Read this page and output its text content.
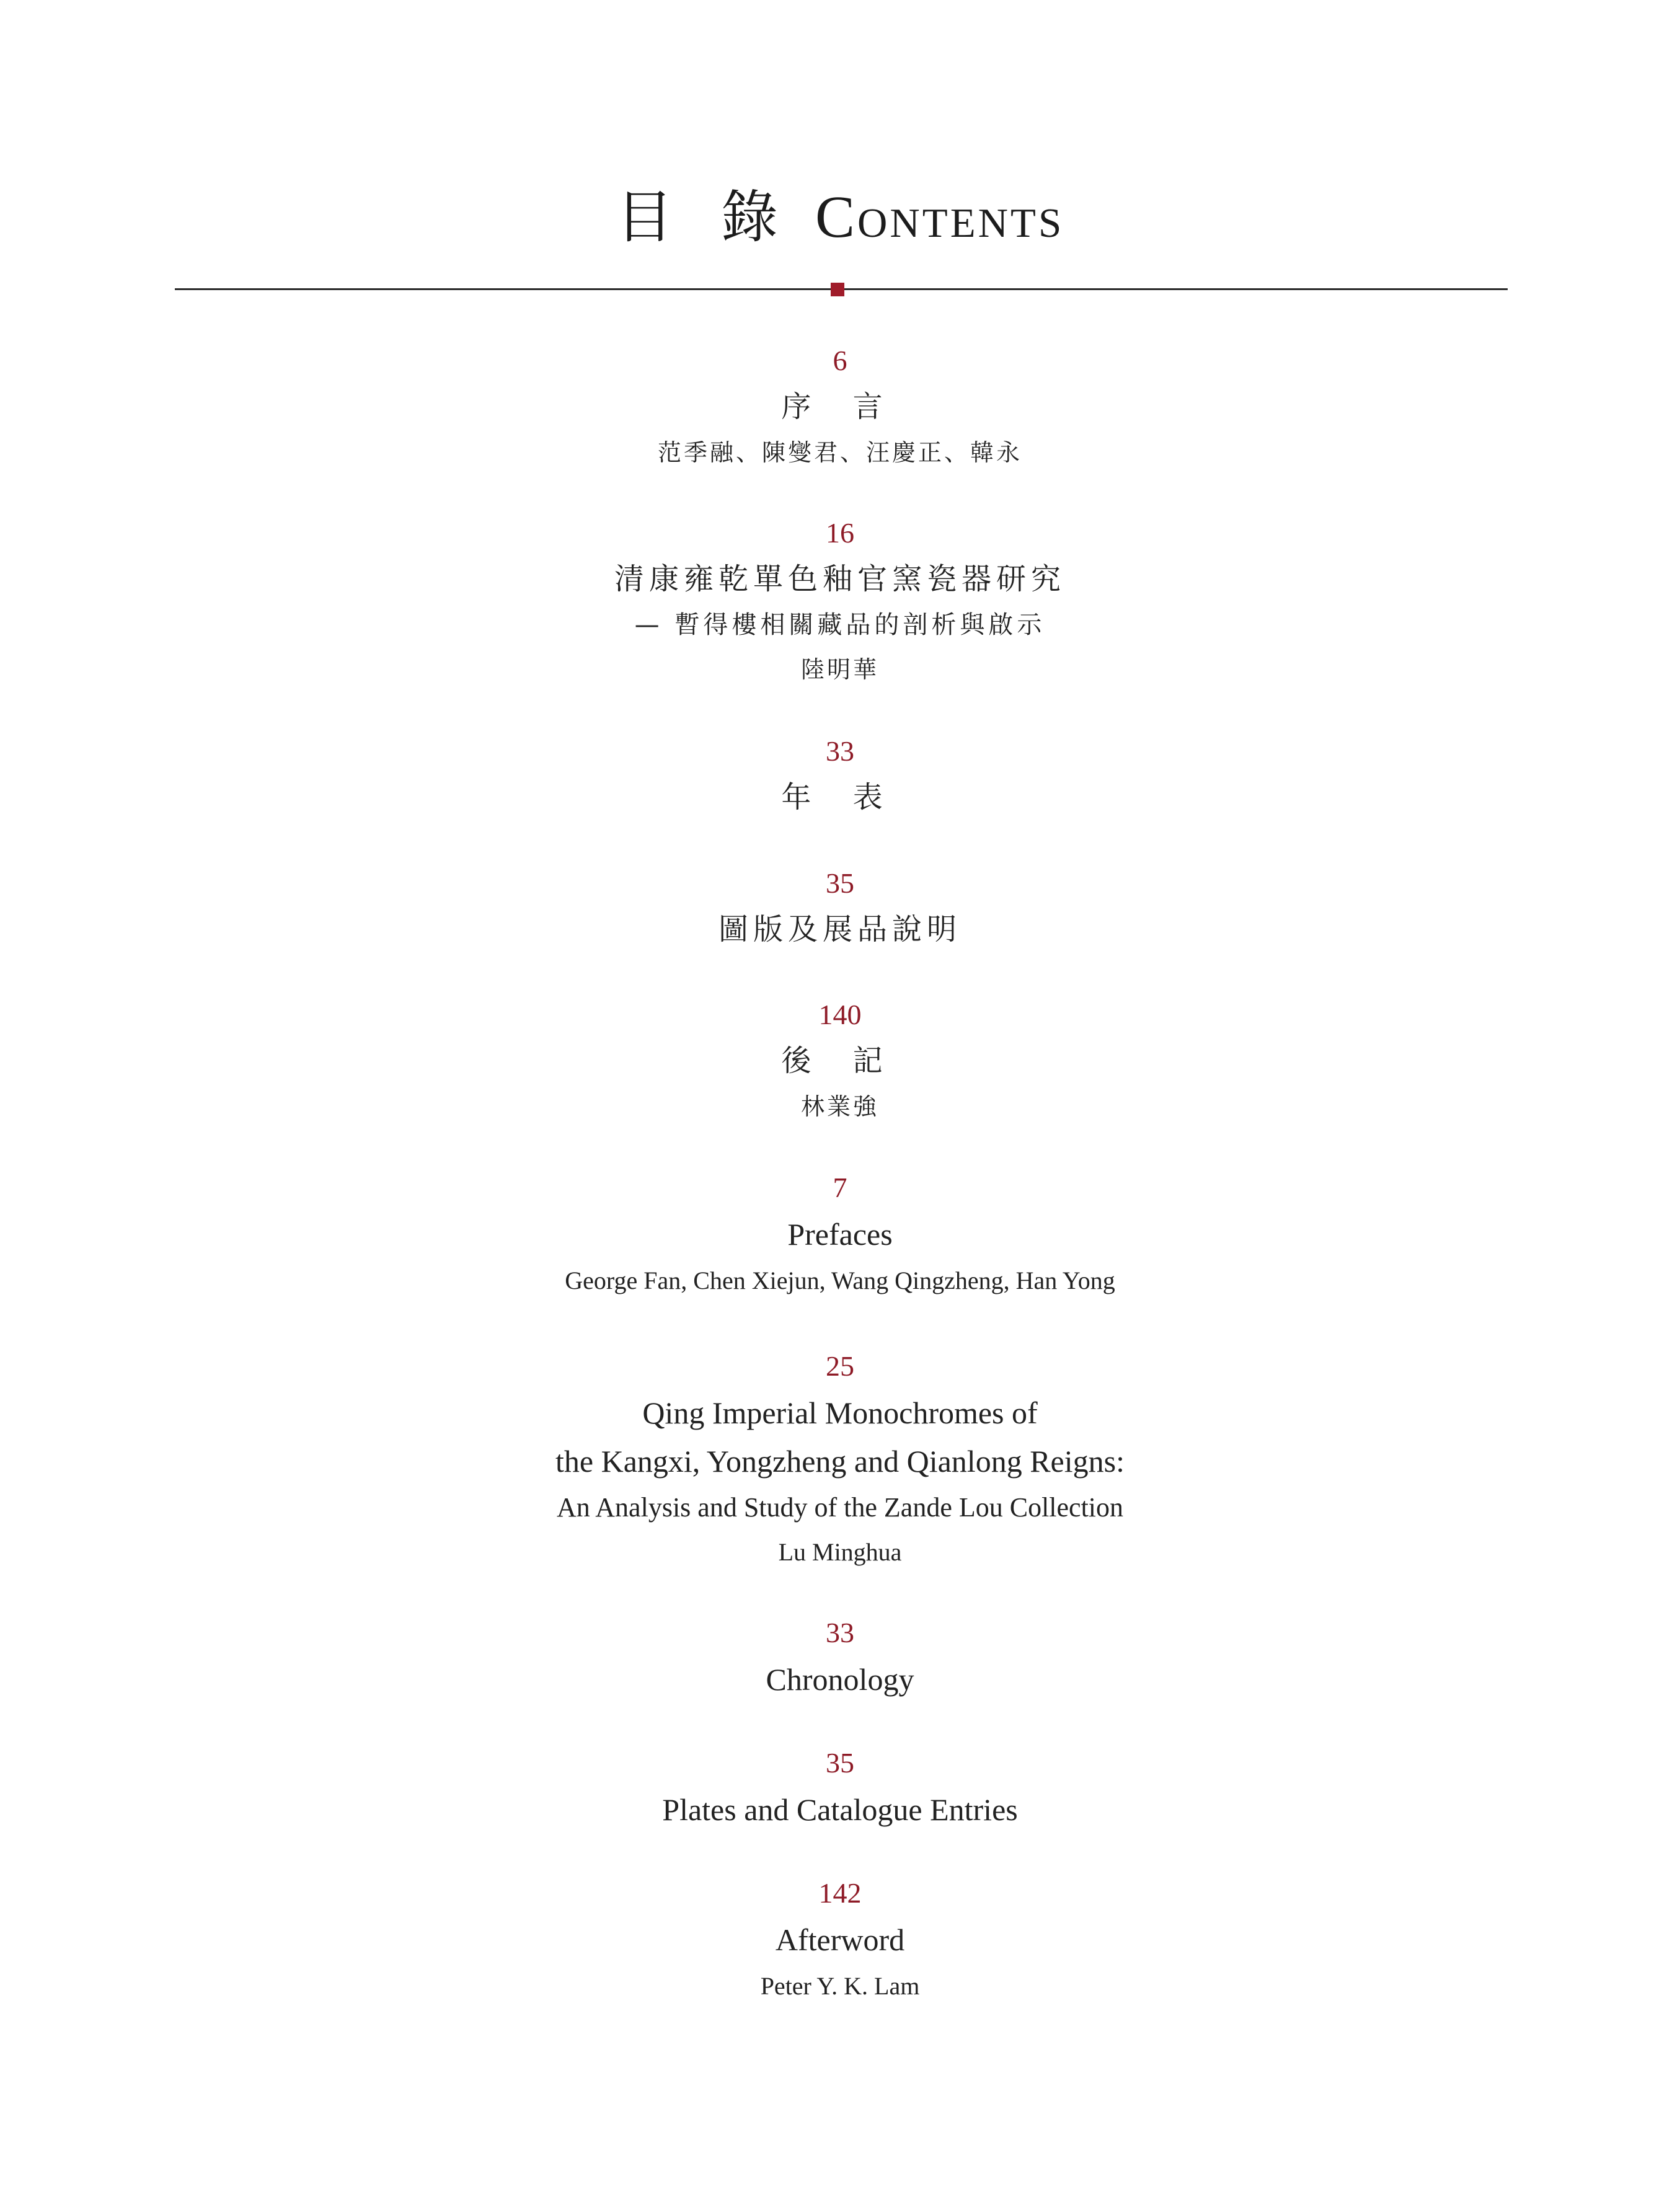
目 錄 Contents
6
序 言
范季融、陳燮君、汪慶正、韓永
16
清康雍乾單色釉官窯瓷器研究
— 暫得樓相關藏品的剖析與啟示
陸明華
33
年 表
35
圖版及展品說明
140
後 記
林業強
7
Prefaces
George Fan, Chen Xiejun, Wang Qingzheng, Han Yong
25
Qing Imperial Monochromes of
the Kangxi, Yongzheng and Qianlong Reigns:
An Analysis and Study of the Zande Lou Collection
Lu Minghua
33
Chronology
35
Plates and Catalogue Entries
142
Afterword
Peter Y. K. Lam
